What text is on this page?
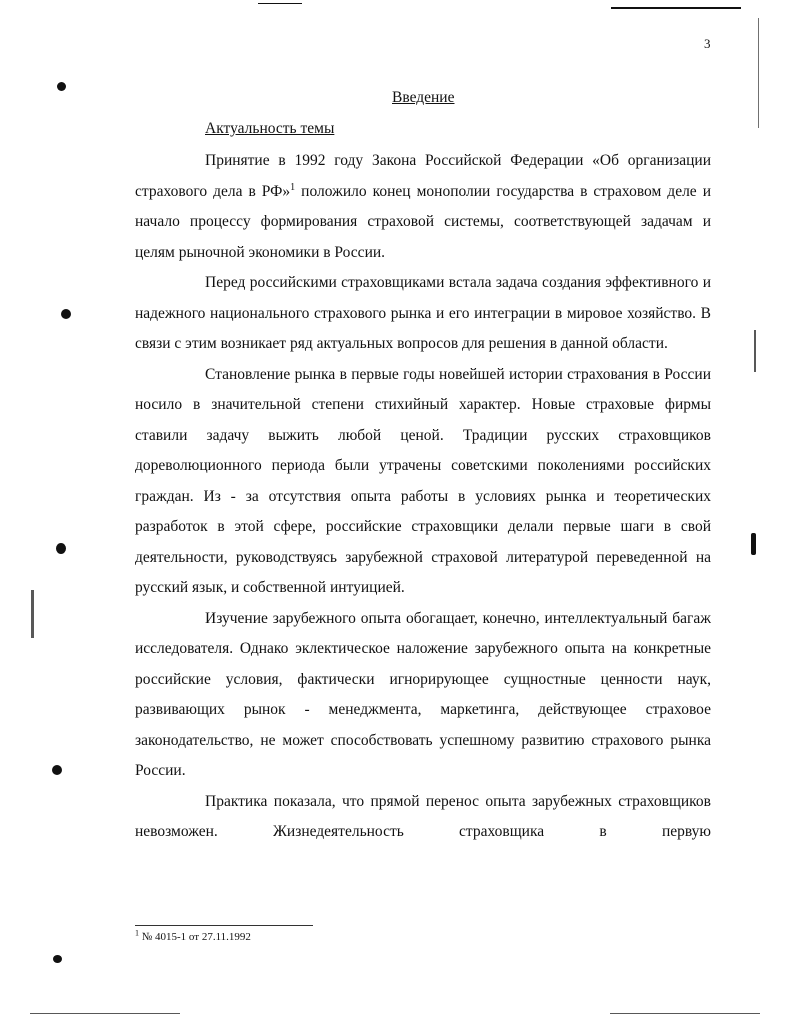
3
Введение
Актуальность темы

Принятие в 1992 году Закона Российской Федерации «Об организации страхового дела в РФ»$^1$ положило конец монополии государства в страховом деле и начало процессу формирования страховой системы, соответствующей задачам и целям рыночной экономики в России.

Перед российскими страховщиками встала задача создания эффективного и надежного национального страхового рынка и его интеграции в мировое хозяйство. В связи с этим возникает ряд актуальных вопросов для решения в данной области.

Становление рынка в первые годы новейшей истории страхования в России носило в значительной степени стихийный характер. Новые страховые фирмы ставили задачу выжить любой ценой. Традиции русских страховщиков дореволюционного периода были утрачены советскими поколениями российских граждан. Из - за отсутствия опыта работы в условиях рынка и теоретических разработок в этой сфере, российские страховщики делали первые шаги в свой деятельности, руководствуясь зарубежной страховой литературой переведенной на русский язык, и собственной интуицией.

Изучение зарубежного опыта обогащает, конечно, интеллектуальный багаж исследователя. Однако эклектическое наложение зарубежного опыта на конкретные российские условия, фактически игнорирующее сущностные ценности наук, развивающих рынок - менеджмента, маркетинга, действующее страховое законодательство, не может способствовать успешному развитию страхового рынка России.

Практика показала, что прямой перенос опыта зарубежных страховщиков невозможен. Жизнедеятельность страховщика в первую

$^1$ № 4015-1 от 27.11.1992
